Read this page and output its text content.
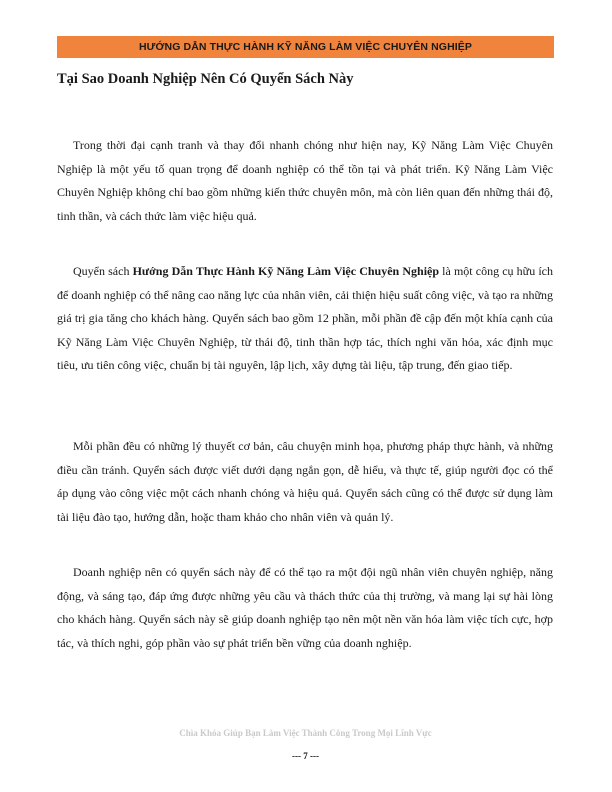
HƯỚNG DẪN THỰC HÀNH KỸ NĂNG LÀM VIỆC CHUYÊN NGHIỆP
Tại Sao Doanh Nghiệp Nên Có Quyển Sách Này

Trong thời đại cạnh tranh và thay đổi nhanh chóng như hiện nay, Kỹ Năng Làm Việc Chuyên Nghiệp là một yếu tố quan trọng để doanh nghiệp có thể tồn tại và phát triển. Kỹ Năng Làm Việc Chuyên Nghiệp không chỉ bao gồm những kiến thức chuyên môn, mà còn liên quan đến những thái độ, tinh thần, và cách thức làm việc hiệu quả.

Quyển sách Hướng Dẫn Thực Hành Kỹ Năng Làm Việc Chuyên Nghiệp là một công cụ hữu ích để doanh nghiệp có thể nâng cao năng lực của nhân viên, cải thiện hiệu suất công việc, và tạo ra những giá trị gia tăng cho khách hàng. Quyển sách bao gồm 12 phần, mỗi phần đề cập đến một khía cạnh của Kỹ Năng Làm Việc Chuyên Nghiệp, từ thái độ, tinh thần hợp tác, thích nghi văn hóa, xác định mục tiêu, ưu tiên công việc, chuẩn bị tài nguyên, lập lịch, xây dựng tài liệu, tập trung, đến giao tiếp.

Mỗi phần đều có những lý thuyết cơ bản, câu chuyện minh họa, phương pháp thực hành, và những điều cần tránh. Quyển sách được viết dưới dạng ngắn gọn, dễ hiểu, và thực tế, giúp người đọc có thể áp dụng vào công việc một cách nhanh chóng và hiệu quả. Quyển sách cũng có thể được sử dụng làm tài liệu đào tạo, hướng dẫn, hoặc tham khảo cho nhân viên và quản lý.

Doanh nghiệp nên có quyển sách này để có thể tạo ra một đội ngũ nhân viên chuyên nghiệp, năng động, và sáng tạo, đáp ứng được những yêu cầu và thách thức của thị trường, và mang lại sự hài lòng cho khách hàng. Quyển sách này sẽ giúp doanh nghiệp tạo nên một nền văn hóa làm việc tích cực, hợp tác, và thích nghi, góp phần vào sự phát triển bền vững của doanh nghiệp.

Chìa Khóa Giúp Bạn Làm Việc Thành Công Trong Mọi Lĩnh Vực
--- 7 ---
